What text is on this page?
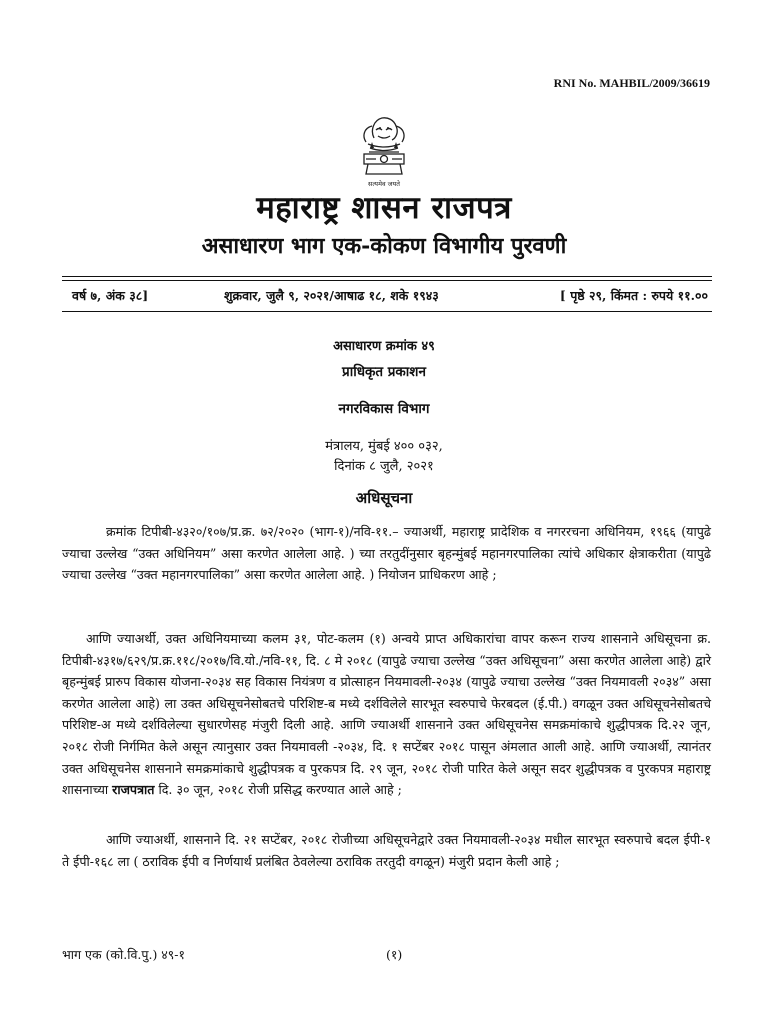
RNI No. MAHBIL/2009/36619
सत्यमेव जयते
महाराष्ट्र शासन राजपत्र
असाधारण भाग एक-कोकण विभागीय पुरवणी
वर्ष ७, अंक ३८]	शुक्रवार, जुलै ९, २०२१/आषाढ १८, शके १९४३	[ पृष्ठे २९, किंमत : रुपये ११.००
असाधारण क्रमांक ४९
प्राधिकृत प्रकाशन
नगरविकास विभाग
मंत्रालय, मुंबई ४०० ०३२,
दिनांक ८ जुलै, २०२१
अधिसूचना
क्रमांक टिपीबी-४३२०/१०७/प्र.क्र. ७२/२०२० (भाग-१)/नवि-११.– ज्याअर्थी, महाराष्ट्र प्रादेशिक व नगररचना अधिनियम, १९६६ (यापुढे ज्याचा उल्लेख “उक्त अधिनियम” असा करणेत आलेला आहे. ) च्या तरतुदींनुसार बृहन्मुंबई महानगरपालिका त्यांचे अधिकार क्षेत्राकरीता (यापुढे ज्याचा उल्लेख “उक्त महानगरपालिका” असा करणेत आलेला आहे. ) नियोजन प्राधिकरण आहे ;
आणि ज्याअर्थी, उक्त अधिनियमाच्या कलम ३१, पोट-कलम (१) अन्वये प्राप्त अधिकारांचा वापर करून राज्य शासनाने अधिसूचना क्र. टिपीबी-४३१७/६२९/प्र.क्र.११८/२०१७/वि.यो./नवि-११, दि. ८ मे २०१८ (यापुढे ज्याचा उल्लेख “उक्त अधिसूचना” असा करणेत आलेला आहे) द्वारे बृहन्मुंबई प्रारुप विकास योजना-२०३४ सह विकास नियंत्रण व प्रोत्साहन नियमावली-२०३४ (यापुढे ज्याचा उल्लेख “उक्त नियमावली २०३४” असा करणेत आलेला आहे) ला उक्त अधिसूचनेसोबतचे परिशिष्ट-ब मध्ये दर्शविलेले सारभूत स्वरुपाचे फेरबदल (ई.पी.) वगळून उक्त अधिसूचनेसोबतचे परिशिष्ट-अ मध्ये दर्शविलेल्या सुधारणेसह मंजुरी दिली आहे. आणि ज्याअर्थी शासनाने उक्त अधिसूचनेस समक्रमांकाचे शुद्धीपत्रक दि.२२ जून, २०१८ रोजी निर्गमित केले असून त्यानुसार उक्त नियमावली -२०३४, दि. १ सप्टेंबर २०१८ पासून अंमलात आली आहे. आणि ज्याअर्थी, त्यानंतर उक्त अधिसूचनेस शासनाने समक्रमांकाचे शुद्धीपत्रक व पुरकपत्र दि. २९ जून, २०१८ रोजी पारित केले असून सदर शुद्धीपत्रक व पुरकपत्र महाराष्ट्र शासनाच्या राजपत्रात दि. ३० जून, २०१८ रोजी प्रसिद्ध करण्यात आले आहे ;
आणि ज्याअर्थी, शासनाने दि. २१ सप्टेंबर, २०१८ रोजीच्या अधिसूचनेद्वारे उक्त नियमावली-२०३४ मधील सारभूत स्वरुपाचे बदल ईपी-१ ते ईपी-१६८ ला ( ठराविक ईपी व निर्णयार्थ प्रलंबित ठेवलेल्या ठराविक तरतुदी वगळून) मंजुरी प्रदान केली आहे ;
भाग एक (को.वि.पु.) ४९-१	(१)
